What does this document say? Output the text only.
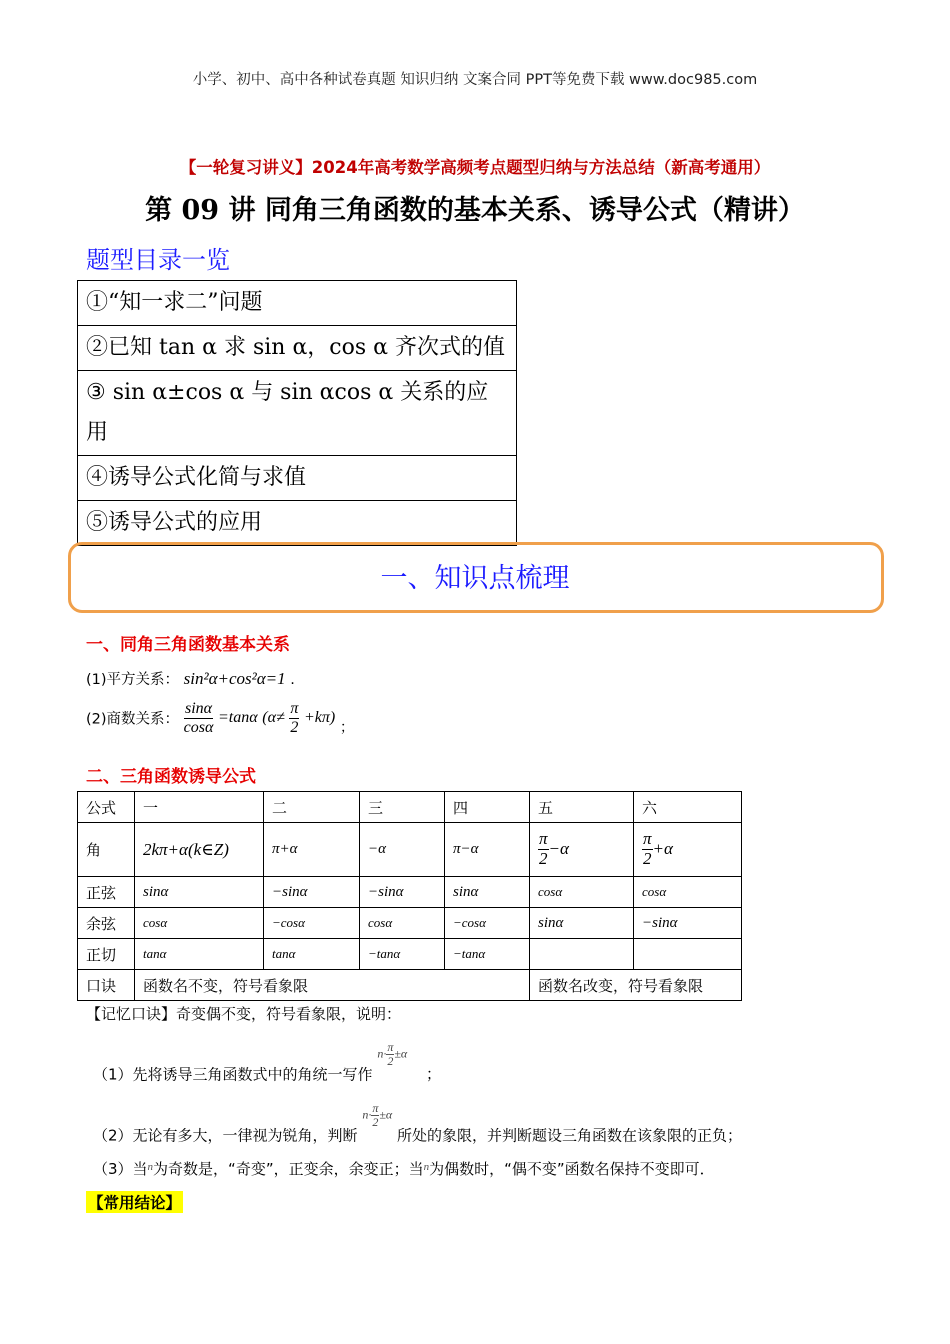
小学、初中、高中各种试卷真题 知识归纳 文案合同 PPT等免费下载 www.doc985.com
【一轮复习讲义】2024年高考数学高频考点题型归纳与方法总结（新高考通用）
第 09 讲 同角三角函数的基本关系、诱导公式（精讲）
题型目录一览
①“知一求二”问题
②已知 tan α 求 sin α，cos α 齐次式的值
③ sin α±cos α 与 sin αcos α 关系的应用
④诱导公式化简与求值
⑤诱导公式的应用
一、知识点梳理
一、同角三角函数基本关系
(1)平方关系： sin²α+cos²α=1 .
(2)商数关系： $\frac{\sin\alpha}{\cos\alpha} =\tan\alpha$ $(\alpha\ne \frac{\pi}{2} +k\pi)$ ；
二、三角函数诱导公式
公式	一	二	三	四	五	六
角	2kπ+α(k∈Z)	π+α	−α	π−α	$\frac{\pi}{2} -\alpha$	$\frac{\pi}{2} +\alpha$
正弦	sinα	−sinα	−sinα	sinα	cosα	cosα
余弦	cosα	−cosα	cosα	−cosα	sinα	−sinα
正切	tanα	tanα	−tanα	−tanα		
口诀	函数名不变，符号看象限				函数名改变，符号看象限	
【记忆口诀】奇变偶不变，符号看象限，说明：
（1）先将诱导三角函数式中的角统一写作 $n\cdot \frac{\pi}{2} \pm\alpha$ ；
（2）无论有多大，一律视为锐角，判断 $n\cdot \frac{\pi}{2} \pm\alpha$ 所处的象限，并判断题设三角函数在该象限的正负；
（3）当$^n$为奇数是，“奇变”，正变余，余变正；当$^n$为偶数时，“偶不变”函数名保持不变即可．
【常用结论】
